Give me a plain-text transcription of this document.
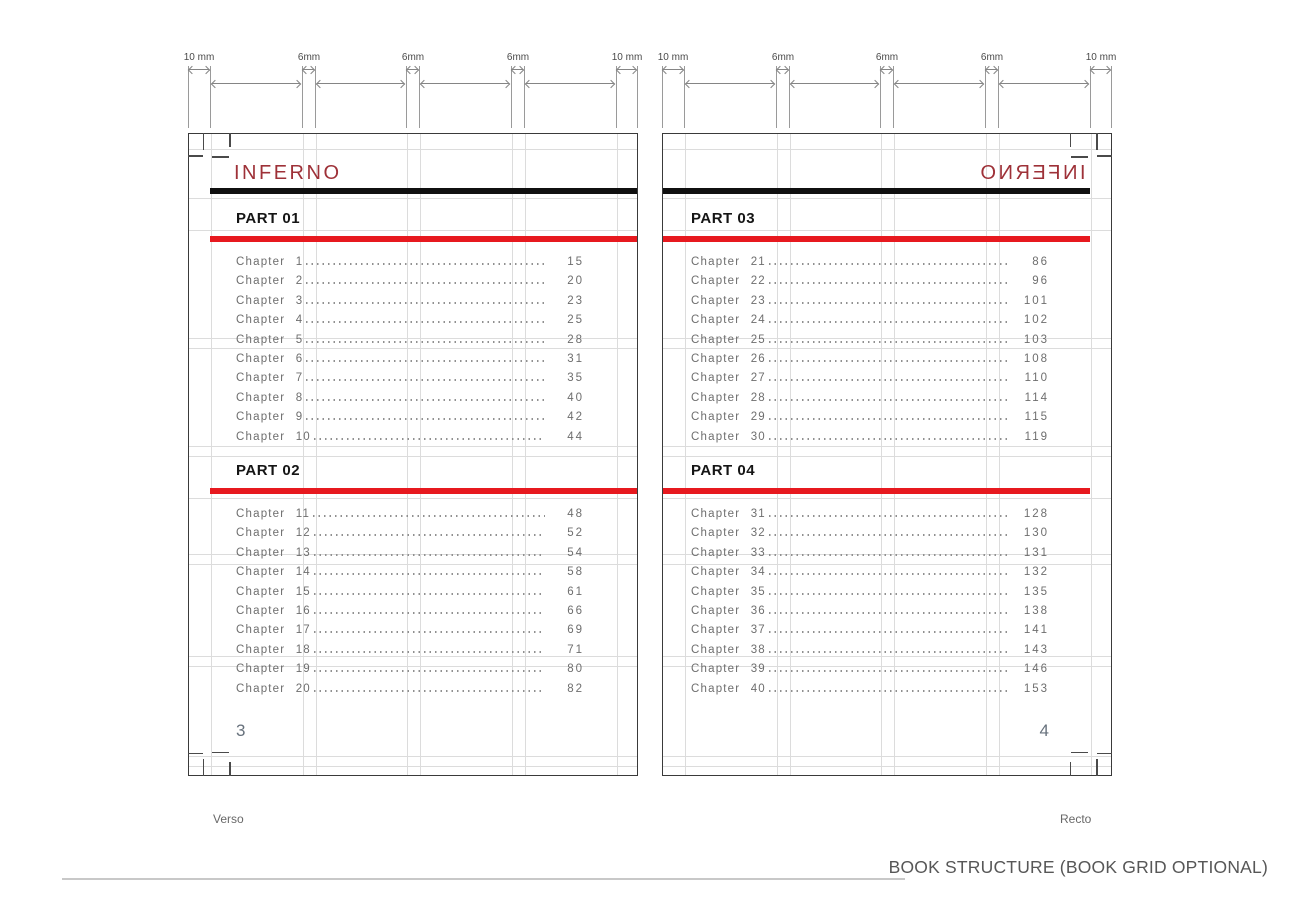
10 mm	6mm	6mm	6mm	10 mm 10 mm	6mm	6mm	6mm	10 mm
INFERNO
PART 01
Chapter 1	15
Chapter 2	20
Chapter 3	23
Chapter 4	25
Chapter 5	28
Chapter 6	31
Chapter 7	35
Chapter 8	40
Chapter 9	42
Chapter 10	44
PART 02
Chapter 11	48
Chapter 12	52
Chapter 13	54
Chapter 14	58
Chapter 15	61
Chapter 16	66
Chapter 17	69
Chapter 18	71
Chapter 19	80
Chapter 20	82
3
INFERNO
PART 03
Chapter 21	86
Chapter 22	96
Chapter 23	101
Chapter 24	102
Chapter 25	103
Chapter 26	108
Chapter 27	110
Chapter 28	114
Chapter 29	115
Chapter 30	119
PART 04
Chapter 31	128
Chapter 32	130
Chapter 33	131
Chapter 34	132
Chapter 35	135
Chapter 36	138
Chapter 37	141
Chapter 38	143
Chapter 39	146
Chapter 40	153
4
Verso	Recto
BOOK STRUCTURE (BOOK GRID OPTIONAL)
